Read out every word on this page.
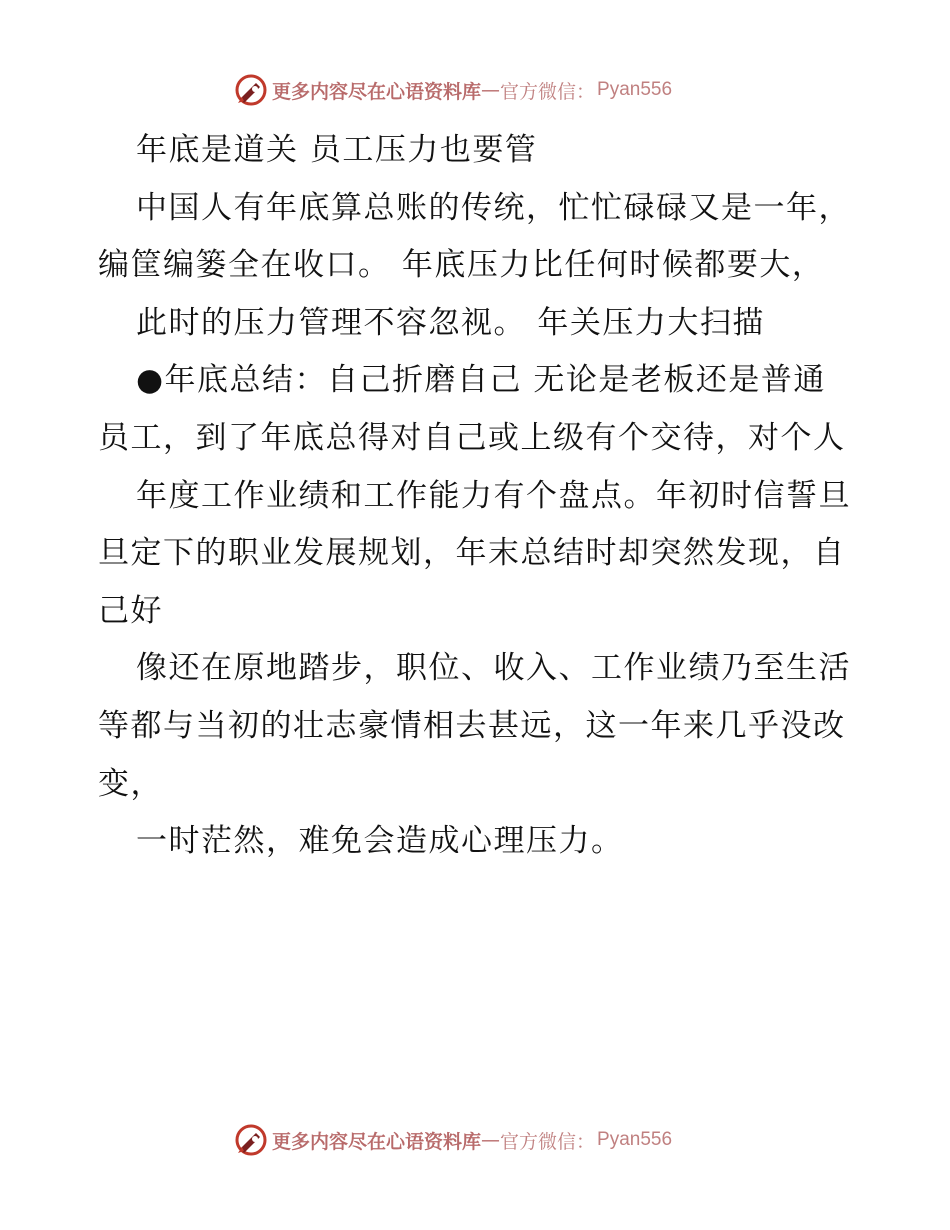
更多内容尽在心语资料库 — 官方微信： Pyan556

年底是道关 员工压力也要管

中国人有年底算总账的传统，忙忙碌碌又是一年，编筐编篓全在收口。 年底压力比任何时候都要大，

此时的压力管理不容忽视。 年关压力大扫描

●年底总结：自己折磨自己 无论是老板还是普通员工，到了年底总得对自己或上级有个交待，对个人

年度工作业绩和工作能力有个盘点。年初时信誓旦旦定下的职业发展规划，年末总结时却突然发现，自己好

像还在原地踏步，职位、收入、工作业绩乃至生活等都与当初的壮志豪情相去甚远，这一年来几乎没改变，

一时茫然，难免会造成心理压力。

更多内容尽在心语资料库 — 官方微信： Pyan556
